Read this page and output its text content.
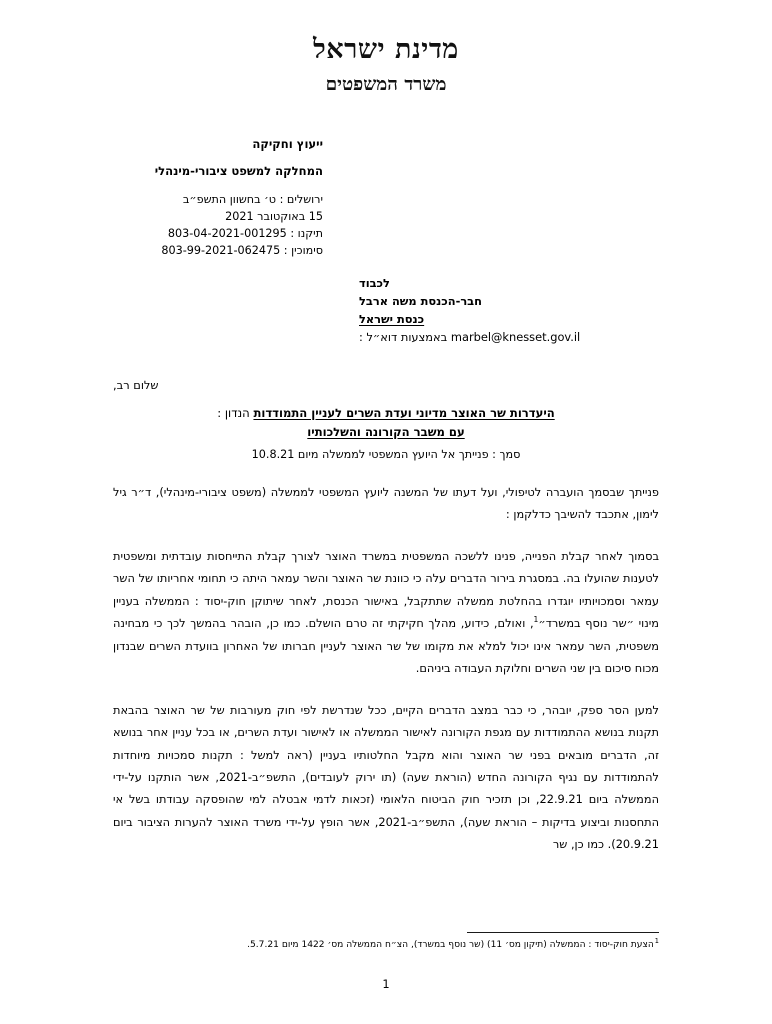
מדינת ישראל
משרד המשפטים
ייעוץ וחקיקה
המחלקה למשפט ציבורי-מינהלי
ירושלים : ט׳ בחשוון התשפ״ב
15 באוקטובר 2021
תיקנו : 803-04-2021-001295
סימוכין : 803-99-2021-062475
לכבוד
חבר-הכנסת משה ארבל
כנסת ישראל
marbel@knesset.gov.il באמצעות דוא״ל :
שלום רב,
היעדרות שר האוצר מדיוני ועדת השרים לעניין התמודדות הנדון :
עם משבר הקורונה והשלכותיו
סמך : פנייתך אל היועץ המשפטי לממשלה מיום 10.8.21

פנייתך שבסמך הועברה לטיפולי, ועל דעתו של המשנה ליועץ המשפטי לממשלה (משפט ציבורי-מינהלי), ד״ר גיל לימון, אתכבד להשיבך כדלקמן :

בסמוך לאחר קבלת הפנייה, פנינו ללשכה המשפטית במשרד האוצר לצורך קבלת התייחסות עובדתית ומשפטית לטענות שהועלו בה. במסגרת בירור הדברים עלה כי כוונת שר האוצר והשר עמאר היתה כי תחומי אחריותו של השר עמאר וסמכויותיו יוגדרו בהחלטת ממשלה שתתקבל, באישור הכנסת, לאחר שיתוקן חוק-יסוד : הממשלה בעניין מינוי ״שר נוסף במשרד״$^1$, ואולם, כידוע, מהלך חקיקתי זה טרם הושלם. כמו כן, הובהר בהמשך לכך כי מבחינה משפטית, השר עמאר אינו יכול למלא את מקומו של שר האוצר לעניין חברותו של האחרון בוועדת השרים שבנדון מכוח סיכום בין שני השרים וחלוקת העבודה ביניהם.

למען הסר ספק, יובהר, כי כבר במצב הדברים הקיים, ככל שנדרשת לפי חוק מעורבות של שר האוצר בהבאת תקנות בנושא ההתמודדות עם מגפת הקורונה לאישור הממשלה או לאישור ועדת השרים, או בכל עניין אחר בנושא זה, הדברים מובאים בפני שר האוצר והוא מקבל החלטותיו בעניין (ראה למשל : תקנות סמכויות מיוחדות להתמודדות עם נגיף הקורונה החדש (הוראת שעה) (תו ירוק לעובדים), התשפ״ב-2021, אשר הותקנו על-ידי הממשלה ביום 22.9.21, וכן תזכיר חוק הביטוח הלאומי (זכאות לדמי אבטלה למי שהופסקה עבודתו בשל אי התחסנות וביצוע בדיקות – הוראת שעה), התשפ״ב-2021, אשר הופץ על-ידי משרד האוצר להערות הציבור ביום 20.9.21). כמו כן, שר

$^1$הצעת חוק-יסוד : הממשלה (תיקון מס׳ 11) (שר נוסף במשרד), הצ״ח הממשלה מס׳ 1422 מיום 5.7.21.
1
